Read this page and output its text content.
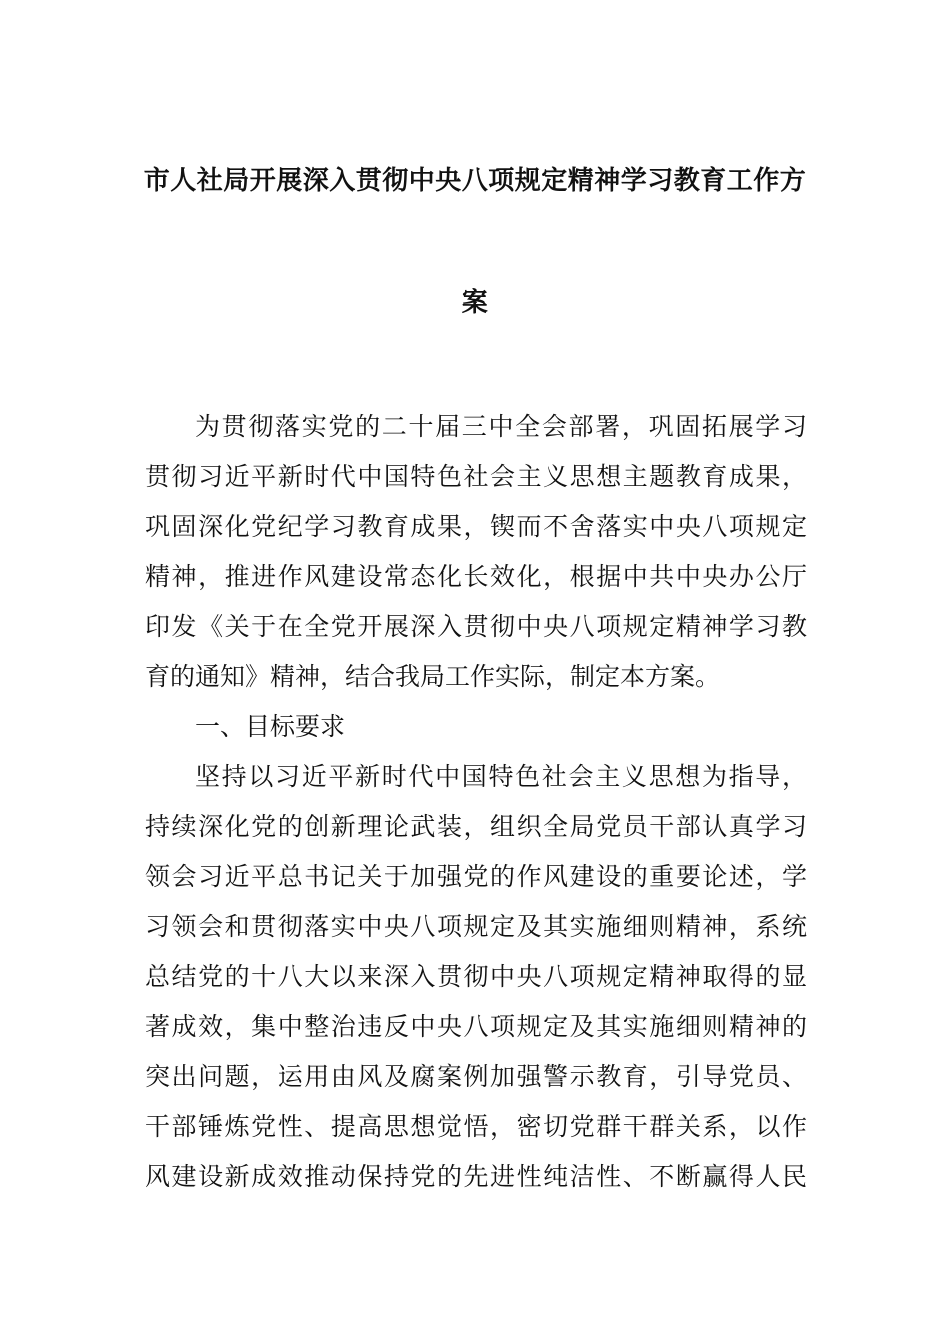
市人社局开展深入贯彻中央八项规定精神学习教育工作方
案
为贯彻落实党的二十届三中全会部署，巩固拓展学习
贯彻习近平新时代中国特色社会主义思想主题教育成果，
巩固深化党纪学习教育成果，锲而不舍落实中央八项规定
精神，推进作风建设常态化长效化，根据中共中央办公厅
印发《关于在全党开展深入贯彻中央八项规定精神学习教
育的通知》精神，结合我局工作实际，制定本方案。
一、目标要求
坚持以习近平新时代中国特色社会主义思想为指导，
持续深化党的创新理论武装，组织全局党员干部认真学习
领会习近平总书记关于加强党的作风建设的重要论述，学
习领会和贯彻落实中央八项规定及其实施细则精神，系统
总结党的十八大以来深入贯彻中央八项规定精神取得的显
著成效，集中整治违反中央八项规定及其实施细则精神的
突出问题，运用由风及腐案例加强警示教育，引导党员、
干部锤炼党性、提高思想觉悟，密切党群干群关系，以作
风建设新成效推动保持党的先进性纯洁性、不断赢得人民
